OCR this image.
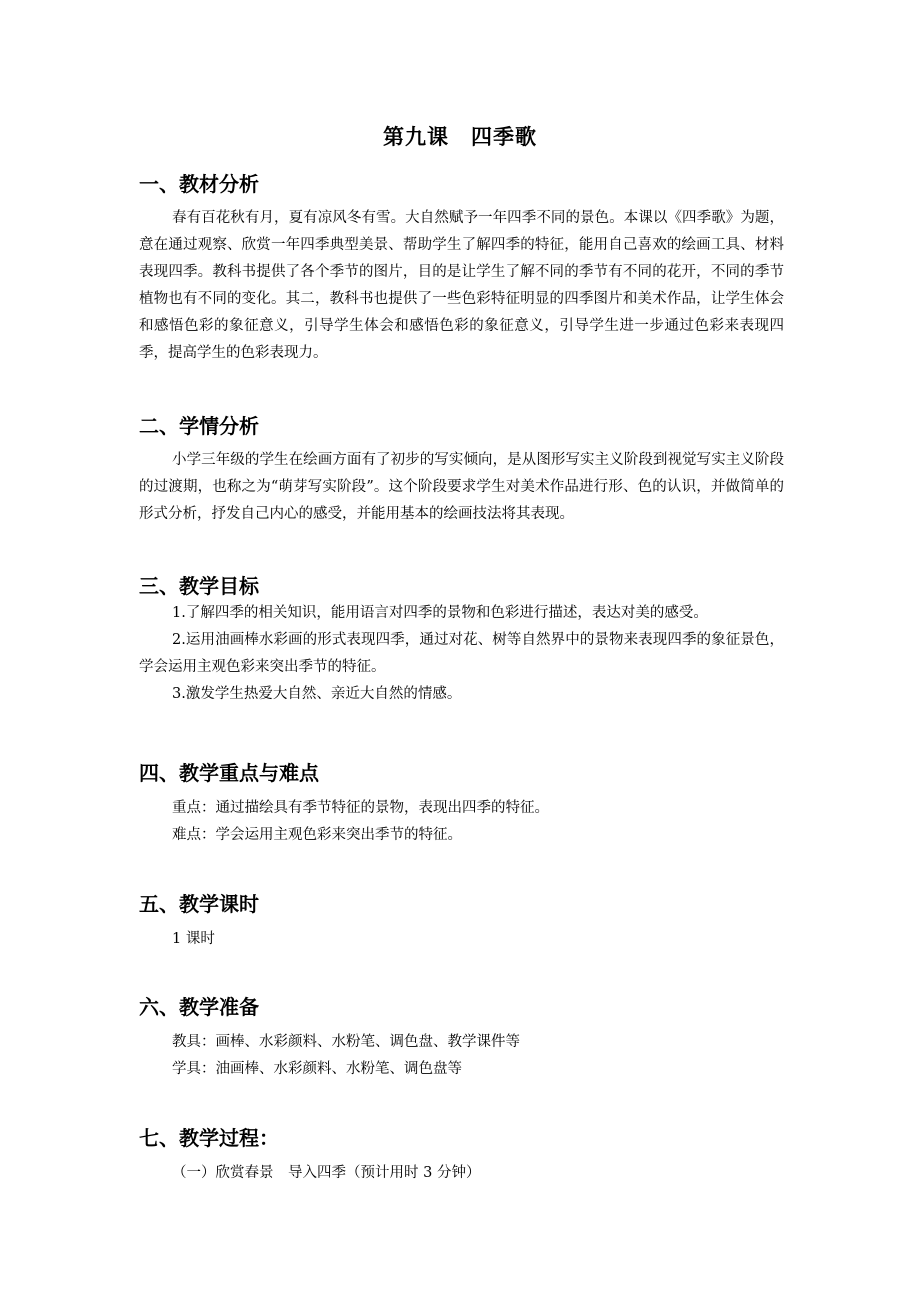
第九课　四季歌
一、教材分析

春有百花秋有月，夏有凉风冬有雪。大自然赋予一年四季不同的景色。本课以《四季歌》为题，意在通过观察、欣赏一年四季典型美景、帮助学生了解四季的特征，能用自己喜欢的绘画工具、材料表现四季。教科书提供了各个季节的图片，目的是让学生了解不同的季节有不同的花开，不同的季节植物也有不同的变化。其二，教科书也提供了一些色彩特征明显的四季图片和美术作品，让学生体会和感悟色彩的象征意义，引导学生体会和感悟色彩的象征意义，引导学生进一步通过色彩来表现四季，提高学生的色彩表现力。

二、学情分析

小学三年级的学生在绘画方面有了初步的写实倾向，是从图形写实主义阶段到视觉写实主义阶段的过渡期，也称之为“萌芽写实阶段”。这个阶段要求学生对美术作品进行形、色的认识，并做简单的形式分析，抒发自己内心的感受，并能用基本的绘画技法将其表现。

三、教学目标

1.了解四季的相关知识，能用语言对四季的景物和色彩进行描述，表达对美的感受。

2.运用油画棒水彩画的形式表现四季，通过对花、树等自然界中的景物来表现四季的象征景色，学会运用主观色彩来突出季节的特征。

3.激发学生热爱大自然、亲近大自然的情感。

四、教学重点与难点

重点：通过描绘具有季节特征的景物，表现出四季的特征。

难点：学会运用主观色彩来突出季节的特征。

五、教学课时

1 课时

六、教学准备

教具：画棒、水彩颜料、水粉笔、调色盘、教学课件等

学具：油画棒、水彩颜料、水粉笔、调色盘等

七、教学过程：

（一）欣赏春景　导入四季（预计用时 3 分钟）
